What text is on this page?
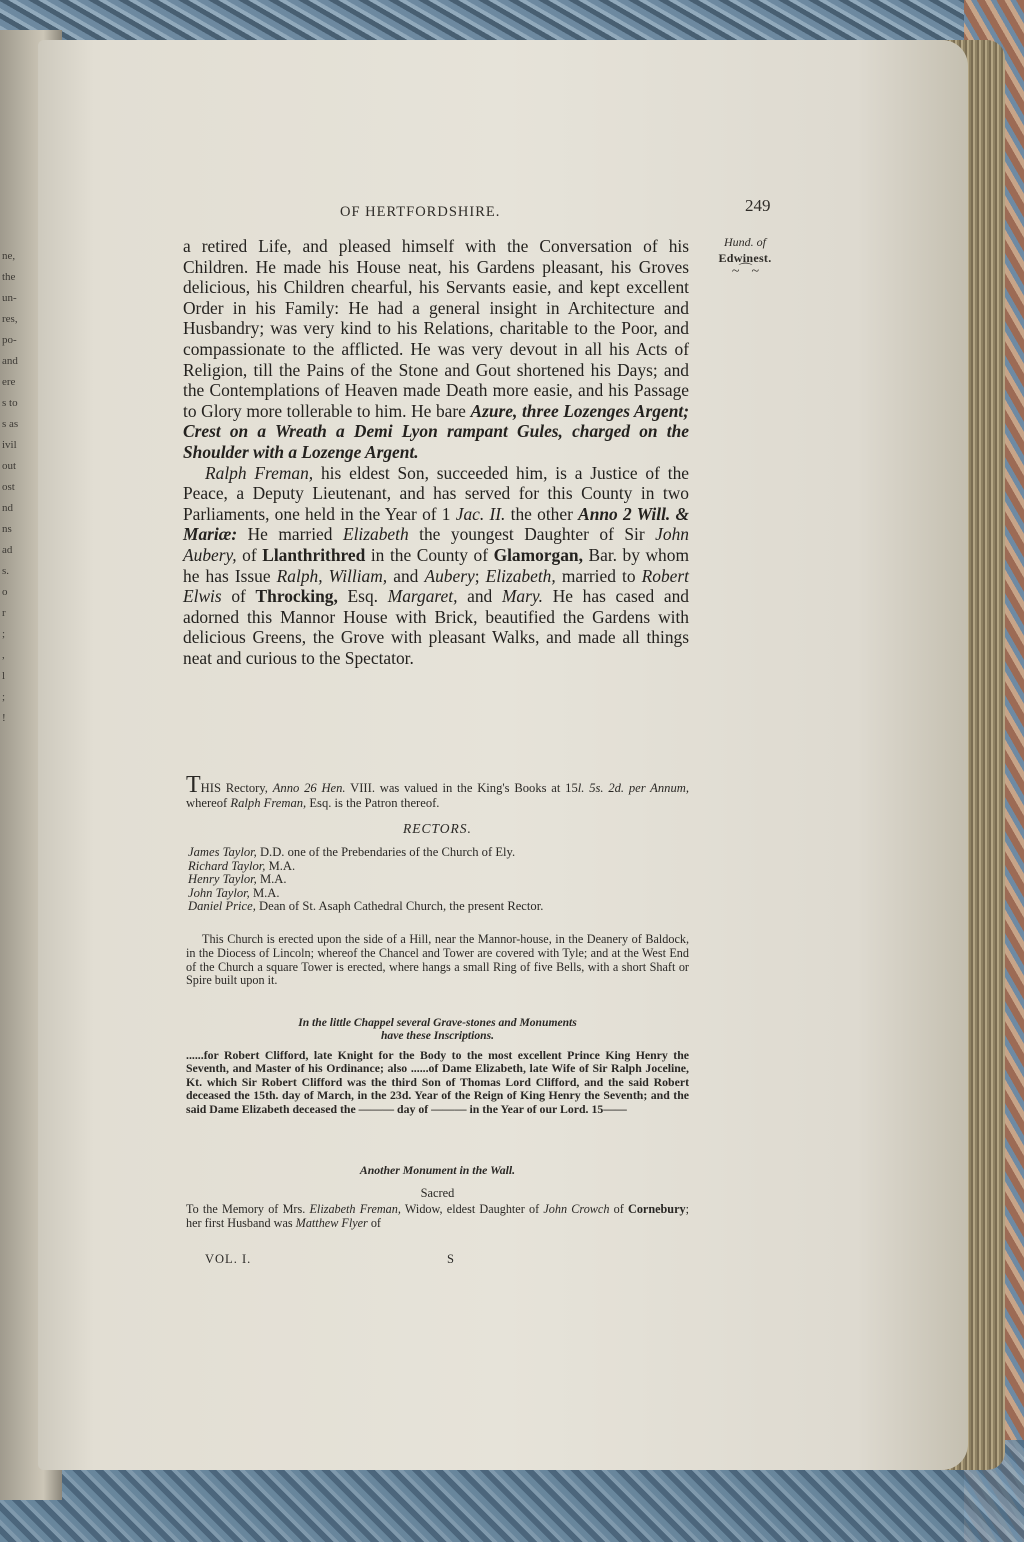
ne,
the
un-
res,
po-
and
ere
s to
s as
ivil
out
ost
nd
ns
ad
s.
o
r
;
,
l
;
!
OF HERTFORDSHIRE.	249
Hund. of
Edwinest.
~⌒~

a retired Life, and pleased himself with the Conversation of his Children. He made his House neat, his Gardens pleasant, his Groves delicious, his Children chearful, his Servants easie, and kept excellent Order in his Family: He had a general insight in Architecture and Husbandry; was very kind to his Relations, charitable to the Poor, and compassionate to the afflicted. He was very devout in all his Acts of Religion, till the Pains of the Stone and Gout shortened his Days; and the Contemplations of Heaven made Death more easie, and his Passage to Glory more tollerable to him. He bare Azure, three Lozenges Argent; Crest on a Wreath a Demi Lyon rampant Gules, charged on the Shoulder with a Lozenge Argent.

Ralph Freman, his eldest Son, succeeded him, is a Justice of the Peace, a Deputy Lieutenant, and has served for this County in two Parliaments, one held in the Year of 1 Jac. II. the other Anno 2 Will. & Mariæ: He married Elizabeth the youngest Daughter of Sir John Aubery, of Llanthrithred in the County of Glamorgan, Bar. by whom he has Issue Ralph, William, and Aubery; Elizabeth, married to Robert Elwis of Throcking, Esq. Margaret, and Mary. He has cased and adorned this Mannor House with Brick, beautified the Gardens with delicious Greens, the Grove with pleasant Walks, and made all things neat and curious to the Spectator.

THIS Rectory, Anno 26 Hen. VIII. was valued in the King's Books at 15l. 5s. 2d. per Annum, whereof Ralph Freman, Esq. is the Patron thereof.
RECTORS.
James Taylor, D.D. one of the Prebendaries of the Church of Ely.
Richard Taylor, M.A.
Henry Taylor, M.A.
John Taylor, M.A.
Daniel Price, Dean of St. Asaph Cathedral Church, the present Rector.
This Church is erected upon the side of a Hill, near the Mannor-house, in the Deanery of Baldock, in the Diocess of Lincoln; whereof the Chancel and Tower are covered with Tyle; and at the West End of the Church a square Tower is erected, where hangs a small Ring of five Bells, with a short Shaft or Spire built upon it.
In the little Chappel several Grave-stones and Monuments
have these Inscriptions.
......for Robert Clifford, late Knight for the Body to the most excellent Prince King Henry the Seventh, and Master of his Ordinance; also ......of Dame Elizabeth, late Wife of Sir Ralph Joceline, Kt. which Sir Robert Clifford was the third Son of Thomas Lord Clifford, and the said Robert deceased the 15th. day of March, in the 23d. Year of the Reign of King Henry the Seventh; and the said Dame Elizabeth deceased the ——— day of ——— in the Year of our Lord. 15——
Another Monument in the Wall.
Sacred
To the Memory of Mrs. Elizabeth Freman, Widow, eldest Daughter of John Crowch of Cornebury; her first Husband was Matthew Flyer of
VOL. I.	S
